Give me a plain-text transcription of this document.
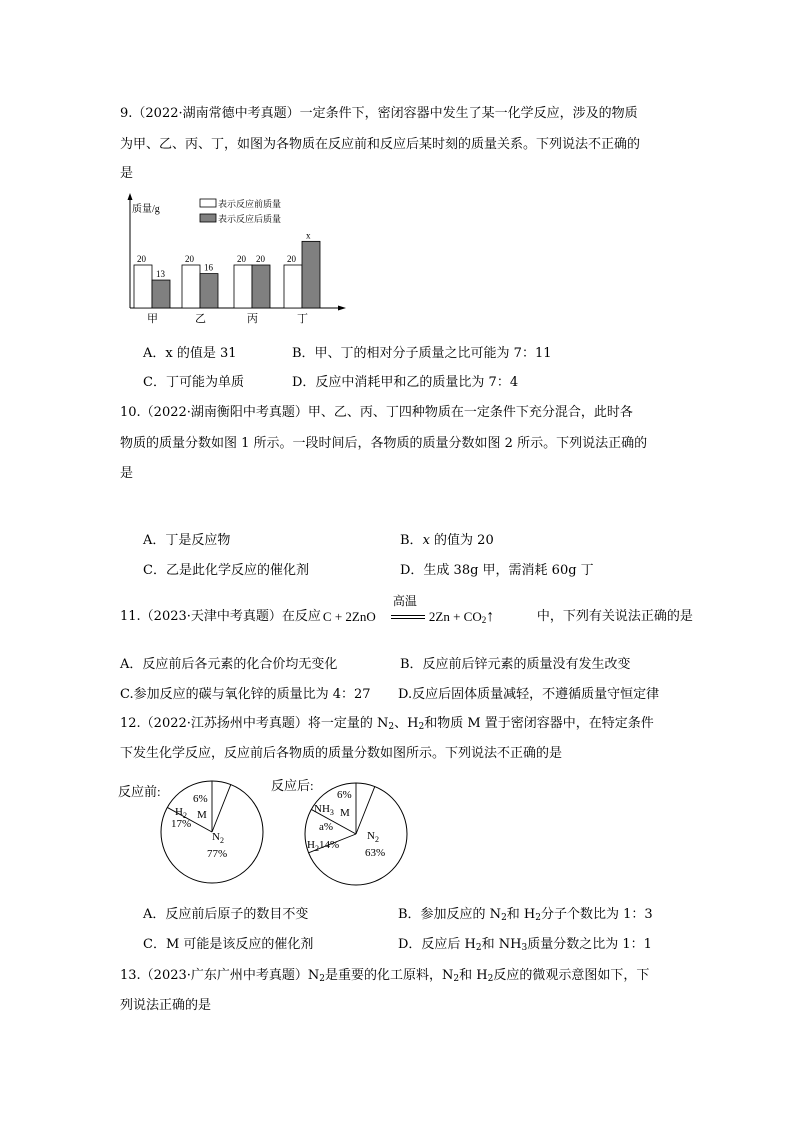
9.（2022·湖南常德中考真题）一定条件下，密闭容器中发生了某一化学反应，涉及的物质
为甲、乙、丙、丁，如图为各物质在反应前和反应后某时刻的质量关系。下列说法不正确的
是
质量/g	表示反应前质量
表示反应后质量
20
13
甲
20
16
乙
20 20
丙
20
x
丁
A．x 的值是 31	B．甲、丁的相对分子质量之比可能为 7：11
C．丁可能为单质	D．反应中消耗甲和乙的质量比为 7：4
10.（2022·湖南衡阳中考真题）甲、乙、丙、丁四种物质在一定条件下充分混合，此时各
物质的质量分数如图 1 所示。一段时间后，各物质的质量分数如图 2 所示。下列说法正确的
是
A．丁是反应物	B．x 的值为 20
C．乙是此化学反应的催化剂	D．生成 38g 甲，需消耗 60g 丁
11.（2023·天津中考真题）在反应 C + 2ZnO
高温
$2Zn + CO_2↑$	中，下列有关说法正确的是
A．反应前后各元素的化合价均无变化	B．反应前后锌元素的质量没有发生改变
C.参加反应的碳与氧化锌的质量比为 4：27 D.反应后固体质量减轻，不遵循质量守恒定律
12.（2022·江苏扬州中考真题）将一定量的 $N_2$、$H_2$和物质 M 置于密闭容器中，在特定条件
下发生化学反应，反应前后各物质的质量分数如图所示。下列说法不正确的是
反应前:	6%
$H_2$ M
17%
$N_2$
77%
反应后:
6%
$NH_3$ M
a%
$H_214\%$
$N_2$
63%
A．反应前后原子的数目不变	B．参加反应的 $N_2$和 $H_2$分子个数比为 1：3
C．M 可能是该反应的催化剂	D．反应后 $H_2$和 $NH_3$质量分数之比为 1：1
13.（2023·广东广州中考真题）$N_2$是重要的化工原料，$N_2$和 $H_2$反应的微观示意图如下，下
列说法正确的是
